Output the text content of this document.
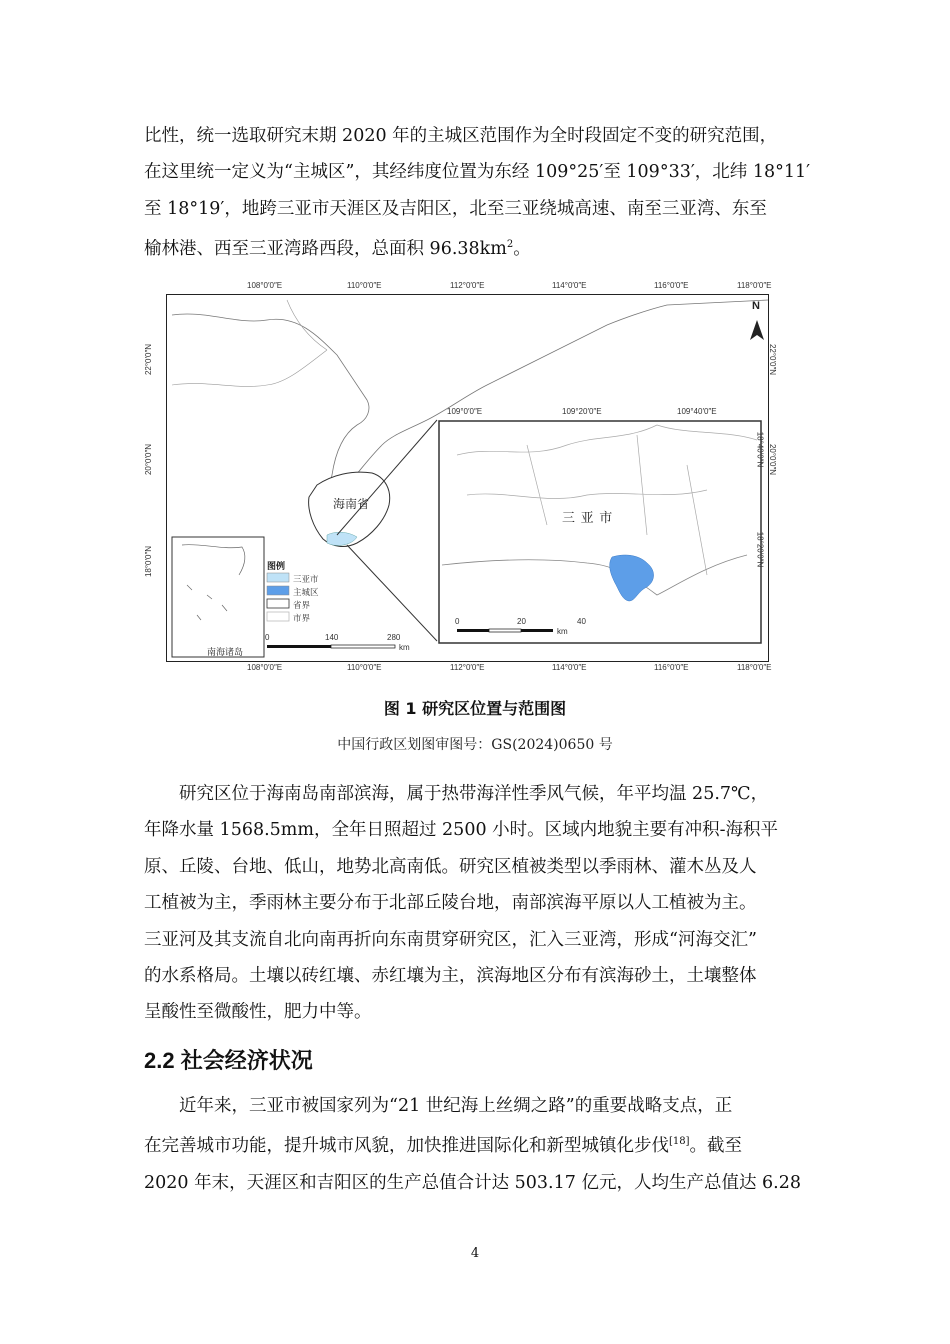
比性，统一选取研究末期 2020 年的主城区范围作为全时段固定不变的研究范围，
在这里统一定义为“主城区”，其经纬度位置为东经 109°25′至 109°33′，北纬 18°11′
至 18°19′，地跨三亚市天涯区及吉阳区，北至三亚绕城高速、南至三亚湾、东至
榆林港、西至三亚湾路西段，总面积 $96.38km^2$。
108°0′0″E	110°0′0″E	112°0′0″E	114°0′0″E	116°0′0″E	118°0′0″E
108°0′0″E	110°0′0″E	112°0′0″E	114°0′0″E	116°0′0″E	118°0′0″E
22°0′0″N
20°0′0″N
18°0′0″N
22°0′0″N
20°0′0″N
109°0′0″E	109°20′0″E	109°40′0″E
18°40′0″N
18°20′0″N
海南省
三 亚 市
N
南海诸岛
图例
三亚市
主城区
省界
市界
0	140	280
km
0	20	40
km
图 1 研究区位置与范围图
中国行政区划图审图号：GS(2024)0650 号
研究区位于海南岛南部滨海，属于热带海洋性季风气候，年平均温 25.7℃，
年降水量 1568.5mm，全年日照超过 2500 小时。区域内地貌主要有冲积-海积平
原、丘陵、台地、低山，地势北高南低。研究区植被类型以季雨林、灌木丛及人
工植被为主，季雨林主要分布于北部丘陵台地，南部滨海平原以人工植被为主。
三亚河及其支流自北向南再折向东南贯穿研究区，汇入三亚湾，形成“河海交汇”
的水系格局。土壤以砖红壤、赤红壤为主，滨海地区分布有滨海砂土，土壤整体
呈酸性至微酸性，肥力中等。
2.2 社会经济状况
近年来，三亚市被国家列为“21 世纪海上丝绸之路”的重要战略支点，正
在完善城市功能，提升城市风貌，加快推进国际化和新型城镇化步伐[18]。截至
2020 年末，天涯区和吉阳区的生产总值合计达 503.17 亿元，人均生产总值达 6.28
4
